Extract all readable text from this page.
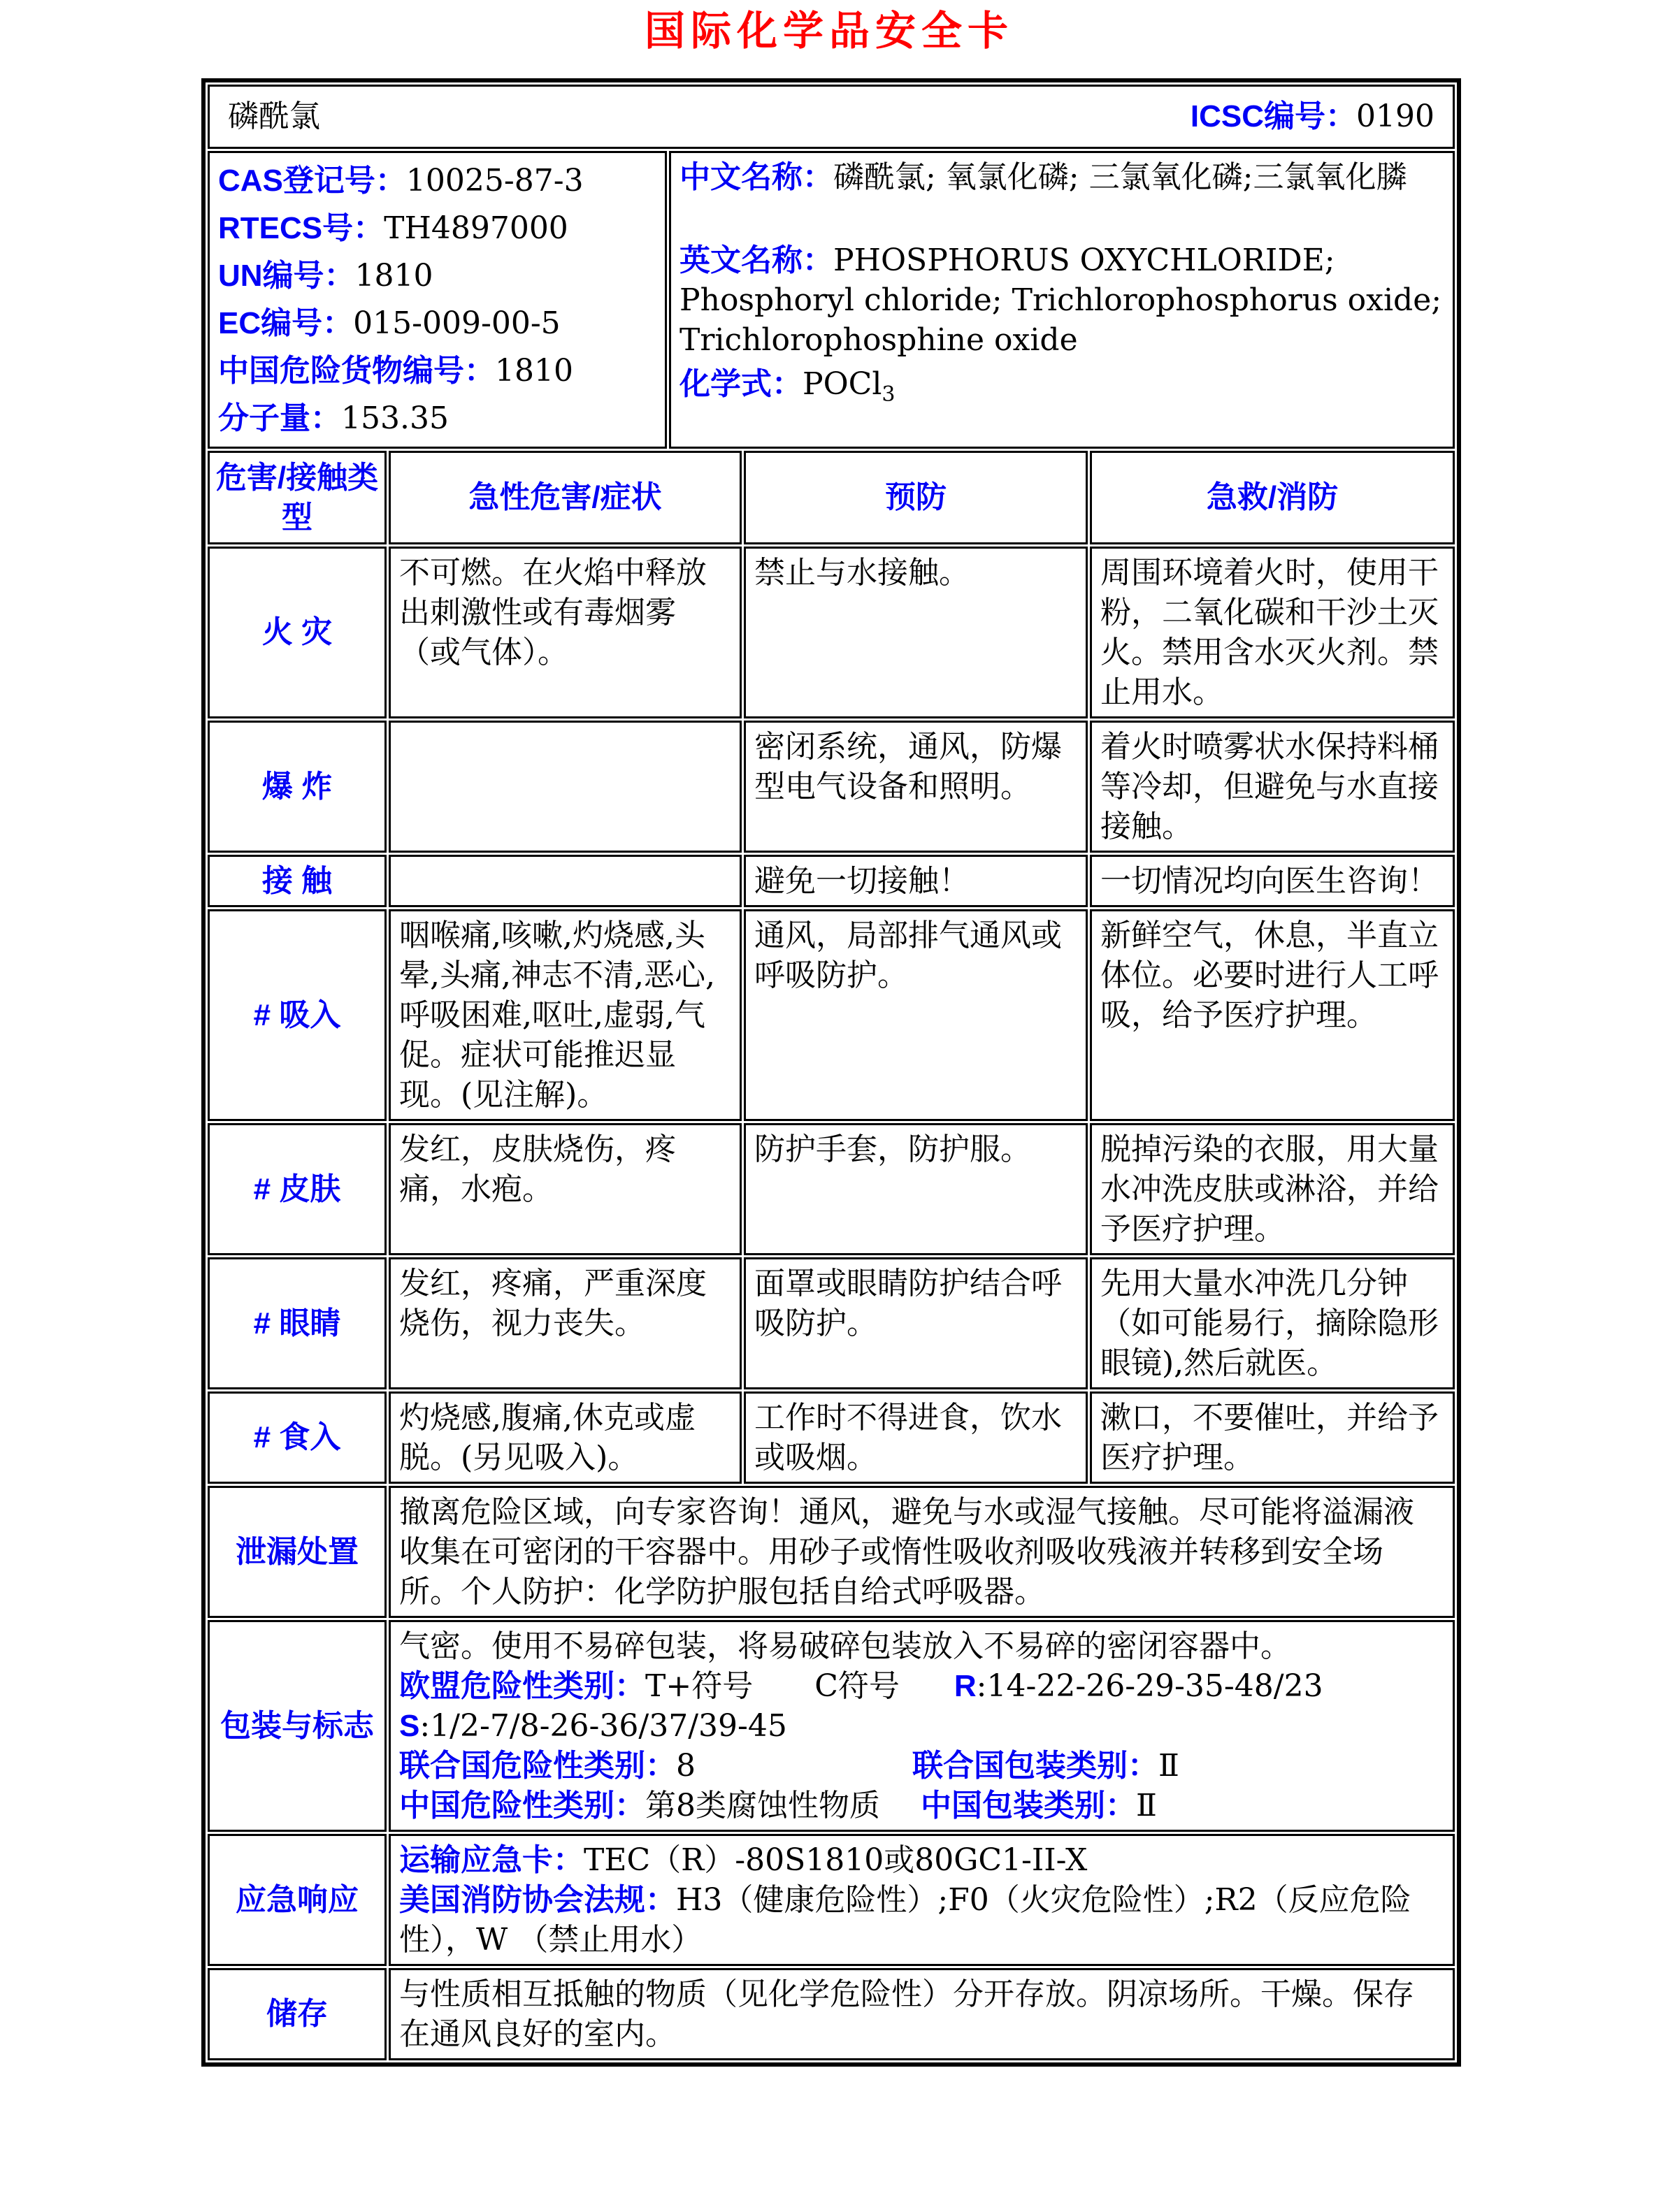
国际化学品安全卡
磷酰氯 ICSC编号：0190				

CAS登记号：10025-87-3
RTECS号：TH4897000
UN编号：1810
EC编号：015-009-00-5
中国危险货物编号：1810
分子量：153.35

中文名称：磷酰氯; 氧氯化磷; 三氯氧化磷;三氯氧化膦
英文名称：PHOSPHORUS OXYCHLORIDE; Phosphoryl chloride; Trichlorophosphorus oxide; Trichlorophosphine oxide
化学式：POCl$_3$

危害/接触类型	急性危害/症状		预防	急救/消防
火 灾	不可燃。在火焰中释放出刺激性或有毒烟雾（或气体）。		禁止与水接触。	周围环境着火时，使用干粉，二氧化碳和干沙土灭火。禁用含水灭火剂。禁止用水。
爆 炸			密闭系统，通风，防爆型电气设备和照明。	着火时喷雾状水保持料桶等冷却，但避免与水直接接触。
接 触			避免一切接触！	一切情况均向医生咨询！
# 吸入	咽喉痛,咳嗽,灼烧感,头晕,头痛,神志不清,恶心,呼吸困难,呕吐,虚弱,气促。症状可能推迟显现。(见注解)。		通风，局部排气通风或呼吸防护。	新鲜空气，休息，半直立体位。必要时进行人工呼吸，给予医疗护理。
# 皮肤	发红，皮肤烧伤，疼痛，水疱。		防护手套，防护服。	脱掉污染的衣服，用大量水冲洗皮肤或淋浴，并给予医疗护理。
# 眼睛	发红，疼痛，严重深度烧伤，视力丧失。		面罩或眼睛防护结合呼吸防护。	先用大量水冲洗几分钟（如可能易行，摘除隐形眼镜),然后就医。
# 食入	灼烧感,腹痛,休克或虚脱。(另见吸入)。		工作时不得进食，饮水或吸烟。	漱口，不要催吐，并给予医疗护理。
泄漏处置	撤离危险区域，向专家咨询！通风，避免与水或湿气接触。尽可能将溢漏液收集在可密闭的干容器中。用砂子或惰性吸收剂吸收残液并转移到安全场所。个人防护：化学防护服包括自给式呼吸器。			
包装与标志	气密。使用不易碎包装，将易破碎包装放入不易碎的密闭容器中。
欧盟危险性类别：T+符号 C符号 R:14-22-26-29-35-48/23
S:1/2-7/8-26-36/37/39-45
联合国危险性类别：8 联合国包装类别：Ⅱ
中国危险性类别：第8类腐蚀性物质 中国包装类别：Ⅱ			

应急响应	运输应急卡：TEC（R）-80S1810或80GC1-II-X
美国消防协会法规：H3（健康危险性）;F0（火灾危险性）;R2（反应危险性），W （禁止用水）			

储存	与性质相互抵触的物质（见化学危险性）分开存放。阴凉场所。干燥。保存在通风良好的室内。			
